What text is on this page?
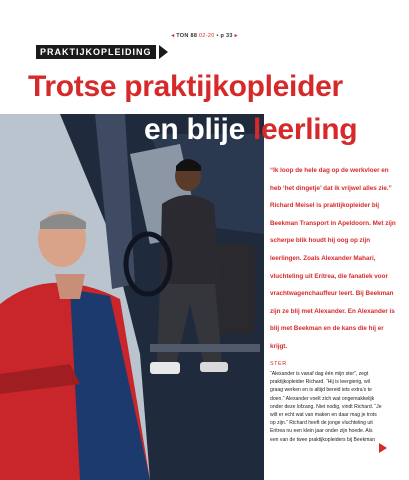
◂ TON 88 02-20 • p 33 ▸
PRAKTIJKOPLEIDING
Trotse praktijkopleider
en blije leerling
“Ik loop de hele dag op de werkvloer en heb ‘het dingetje’ dat ik vrijwel alles zie.” Richard Meisel is praktijkopleider bij Beekman Transport in Apeldoorn. Met zijn scherpe blik houdt hij oog op zijn leerlingen. Zoals Alexander Mahari, vluchteling uit Eritrea, die fanatiek voor vrachtwagenchauffeur leert. Bij Beekman zijn ze blij met Alexander. En Alexander is blij met Beekman en de kans die hij er krijgt.
STER
“Alexander is vanaf dag één mijn ster”, zegt praktijkopleider Richard. “Hij is leergierig, wil graag werken en is altijd bereid iets extra’s te doen.” Alexander voelt zich wat ongemakkelijk onder deze lofzang. Niet nodig, vindt Richard. “Je wilt er echt wat van maken en daar mag je trots op zijn.” Richard heeft de jonge vluchteling uit Eritrea nu een klein jaar onder zijn hoede. Als een van de twee praktijkopleiders bij Beekman
